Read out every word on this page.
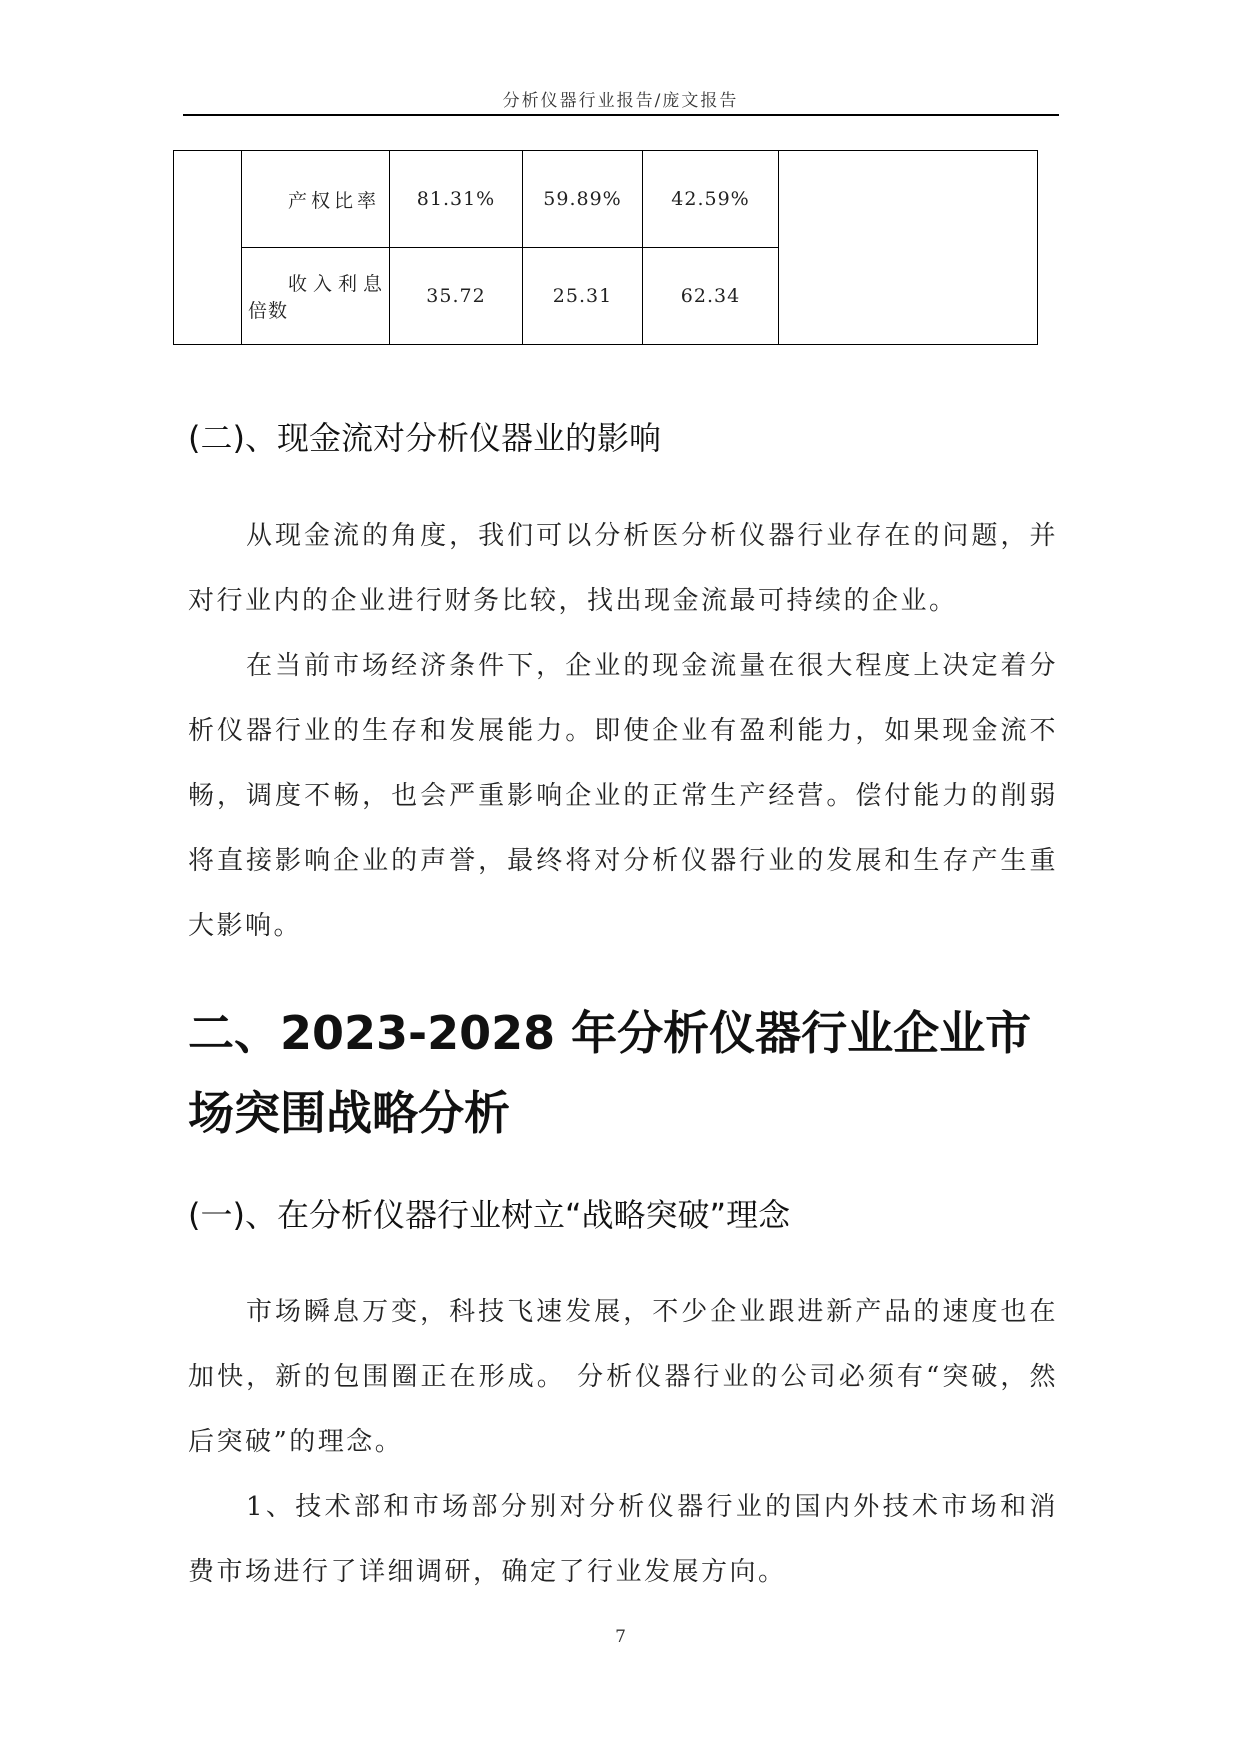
分析仪器行业报告/庞文报告

	产权比率	81.31%	59.89%	42.59%	

	收入利息
倍数	35.72	25.31	62.34	
(二)、现金流对分析仪器业的影响

从现金流的角度，我们可以分析医分析仪器行业存在的问题，并对行业内的企业进行财务比较，找出现金流最可持续的企业。

在当前市场经济条件下，企业的现金流量在很大程度上决定着分析仪器行业的生存和发展能力。即使企业有盈利能力，如果现金流不畅，调度不畅，也会严重影响企业的正常生产经营。偿付能力的削弱将直接影响企业的声誉，最终将对分析仪器行业的发展和生存产生重大影响。

二、2023-2028 年分析仪器行业企业市场突围战略分析
(一)、在分析仪器行业树立“战略突破”理念

市场瞬息万变，科技飞速发展，不少企业跟进新产品的速度也在加快，新的包围圈正在形成。 分析仪器行业的公司必须有“突破，然后突破”的理念。

1、技术部和市场部分别对分析仪器行业的国内外技术市场和消费市场进行了详细调研，确定了行业发展方向。

7
